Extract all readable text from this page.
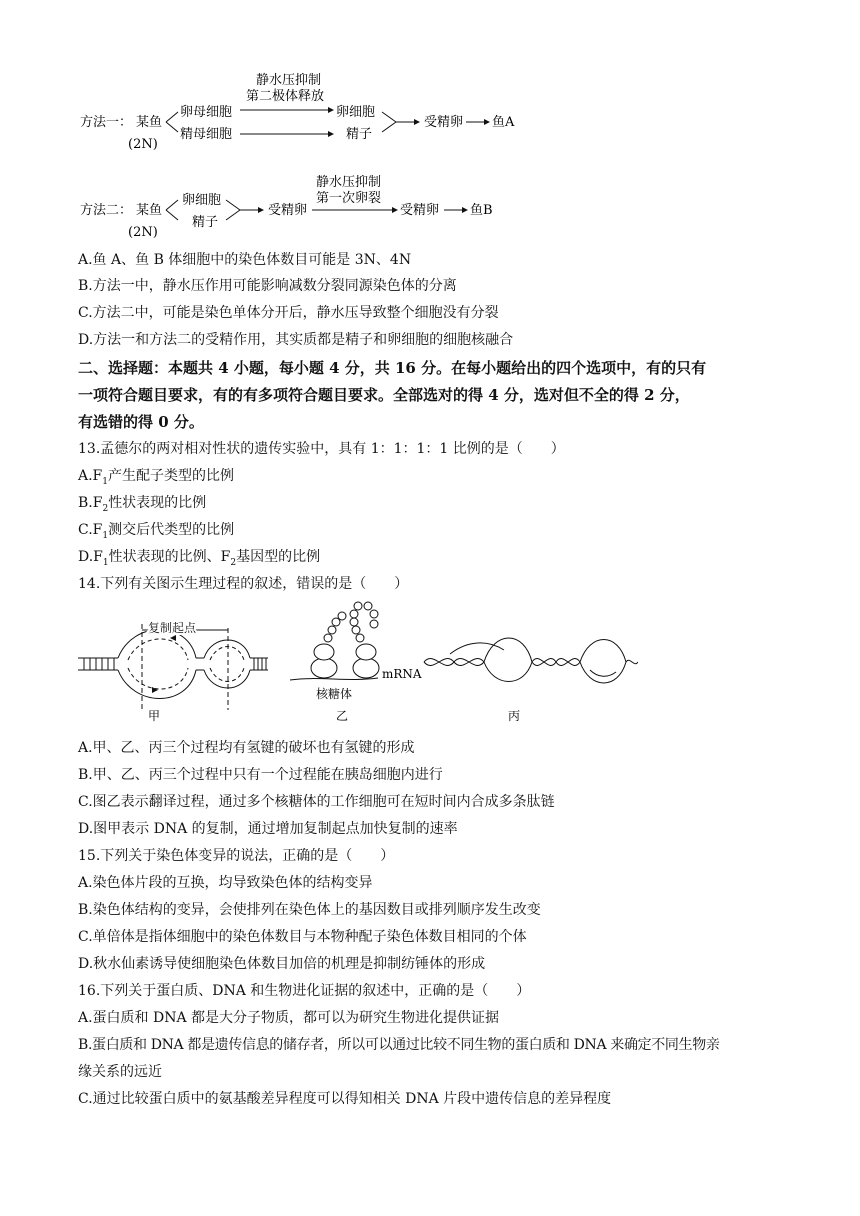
方法一： 某鱼
(2N)
卵母细胞
精母细胞
静水压抑制
第二极体释放
卵细胞
精子
受精卵 鱼A
方法二： 某鱼
(2N)
卵细胞
精子
受精卵
静水压抑制
第一次卵裂
受精卵 鱼B
A.鱼 A、鱼 B 体细胞中的染色体数目可能是 3N、4N
B.方法一中，静水压作用可能影响减数分裂同源染色体的分离
C.方法二中，可能是染色单体分开后，静水压导致整个细胞没有分裂
D.方法一和方法二的受精作用，其实质都是精子和卵细胞的细胞核融合
二、选择题：本题共 4 小题，每小题 4 分，共 16 分。在每小题给出的四个选项中，有的只有
一项符合题目要求，有的有多项符合题目要求。全部选对的得 4 分，选对但不全的得 2 分，
有选错的得 0 分。
13.孟德尔的两对相对性状的遗传实验中，具有 1：1：1：1 比例的是（　　）
$A.F_1$产生配子类型的比例
$B.F_2$性状表现的比例
$C.F_1$测交后代类型的比例
$D.F_1$性状表现的比例、$F_2$基因型的比例
14.下列有关图示生理过程的叙述，错误的是（　　）
复制起点
甲
mRNA
核糖体
乙	丙
A.甲、乙、丙三个过程均有氢键的破坏也有氢键的形成
B.甲、乙、丙三个过程中只有一个过程能在胰岛细胞内进行
C.图乙表示翻译过程，通过多个核糖体的工作细胞可在短时间内合成多条肽链
D.图甲表示 DNA 的复制，通过增加复制起点加快复制的速率
15.下列关于染色体变异的说法，正确的是（　　）
A.染色体片段的互换，均导致染色体的结构变异
B.染色体结构的变异，会使排列在染色体上的基因数目或排列顺序发生改变
C.单倍体是指体细胞中的染色体数目与本物种配子染色体数目相同的个体
D.秋水仙素诱导使细胞染色体数目加倍的机理是抑制纺锤体的形成
16.下列关于蛋白质、DNA 和生物进化证据的叙述中，正确的是（　　）
A.蛋白质和 DNA 都是大分子物质，都可以为研究生物进化提供证据
B.蛋白质和 DNA 都是遗传信息的储存者，所以可以通过比较不同生物的蛋白质和 DNA 来确定不同生物亲
缘关系的远近
C.通过比较蛋白质中的氨基酸差异程度可以得知相关 DNA 片段中遗传信息的差异程度
